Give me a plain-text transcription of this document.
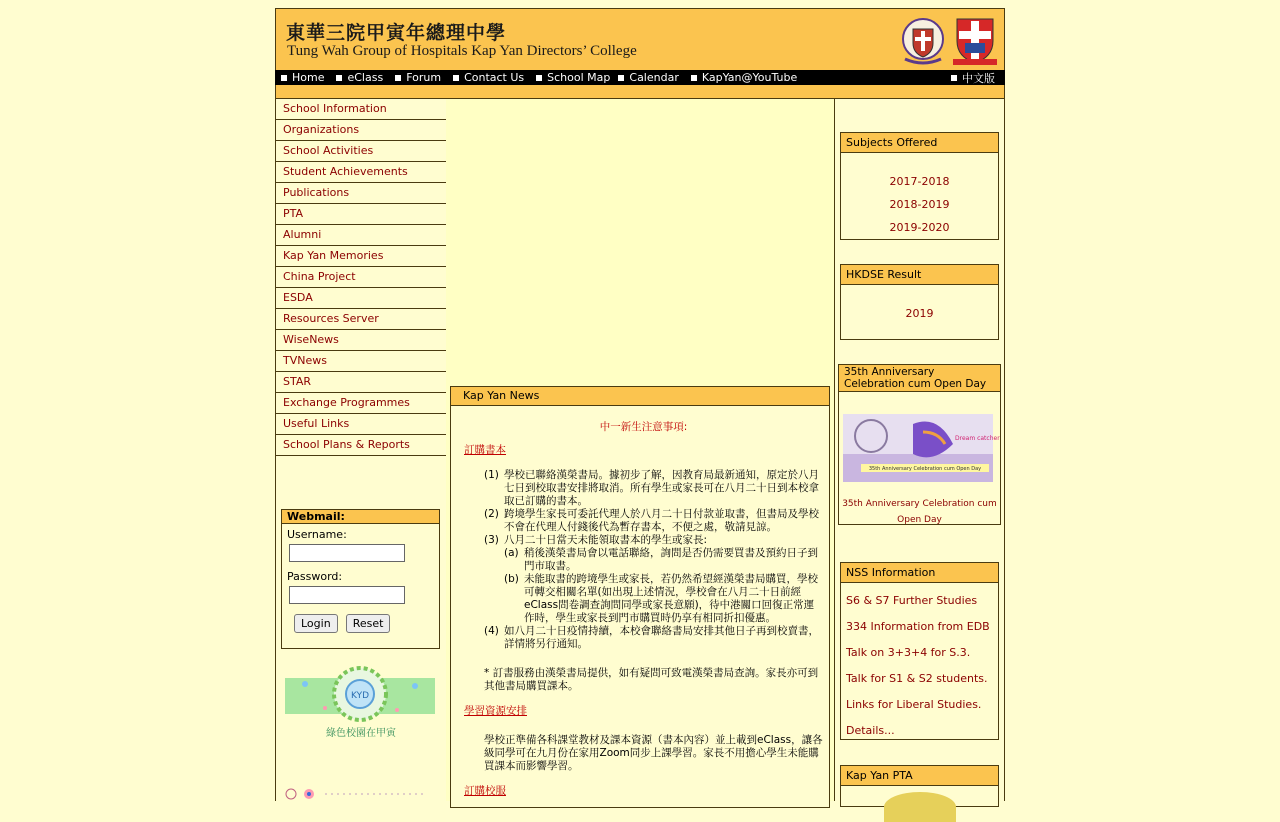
東華三院甲寅年總理中學
Tung Wah Group of Hospitals Kap Yan Directors’ College
Home eClass Forum Contact Us School Map Calendar KapYan@YouTube	中文版
School Information
Organizations
School Activities
Student Achievements
Publications
PTA
Alumni
Kap Yan Memories
China Project
ESDA
Resources Server
WiseNews
TVNews
STAR
Exchange Programmes
Useful Links
School Plans & Reports
Webmail:
Username:
Password:
Login	Reset
KYD
綠色校園在甲寅
Kap Yan News
中一新生注意事項:
訂購書本
(1) 學校已聯絡漢榮書局。據初步了解，因教育局最新通知，原定於八月七日到校取書安排將取消。所有學生或家長可在八月二十日到本校拿取已訂購的書本。
(2) 跨境學生家長可委託代理人於八月二十日付款並取書，但書局及學校不會在代理人付錢後代為暫存書本，不便之處，敬請見諒。
(3) 八月二十日當天未能領取書本的學生或家長:
(a) 稍後漢榮書局會以電話聯絡，詢問是否仍需要買書及預約日子到門市取書。
(b) 未能取書的跨境學生或家長，若仍然希望經漢榮書局購買，學校可轉交相關名單(如出現上述情況，學校會在八月二十日前經eClass問卷調查詢問同學或家長意願)，待中港關口回復正常運作時，學生或家長到門市購買時仍享有相同折扣優惠。
(4) 如八月二十日疫情持續，本校會聯絡書局安排其他日子再到校賣書， 詳情將另行通知。
* 訂書服務由漢榮書局提供，如有疑問可致電漢榮書局查詢。家長亦可到其他書局購買課本。
學習資源安排
學校正準備各科課堂教材及課本資源（書本內容）並上載到eClass，讓各級同學可在九月份在家用Zoom同步上課學習。家長不用擔心學生未能購買課本而影響學習。
訂購校服
Subjects Offered
2017-2018
2018-2019
2019-2020
HKDSE Result
2019
35th Anniversary Celebration cum Open Day
Dream catcher
35th Anniversary Celebration cum Open Day
35th Anniversary Celebration cum Open Day
NSS Information
S6 & S7 Further Studies
334 Information from EDB
Talk on 3+3+4 for S.3.
Talk for S1 & S2 students.
Links for Liberal Studies.
Details...
Kap Yan PTA
